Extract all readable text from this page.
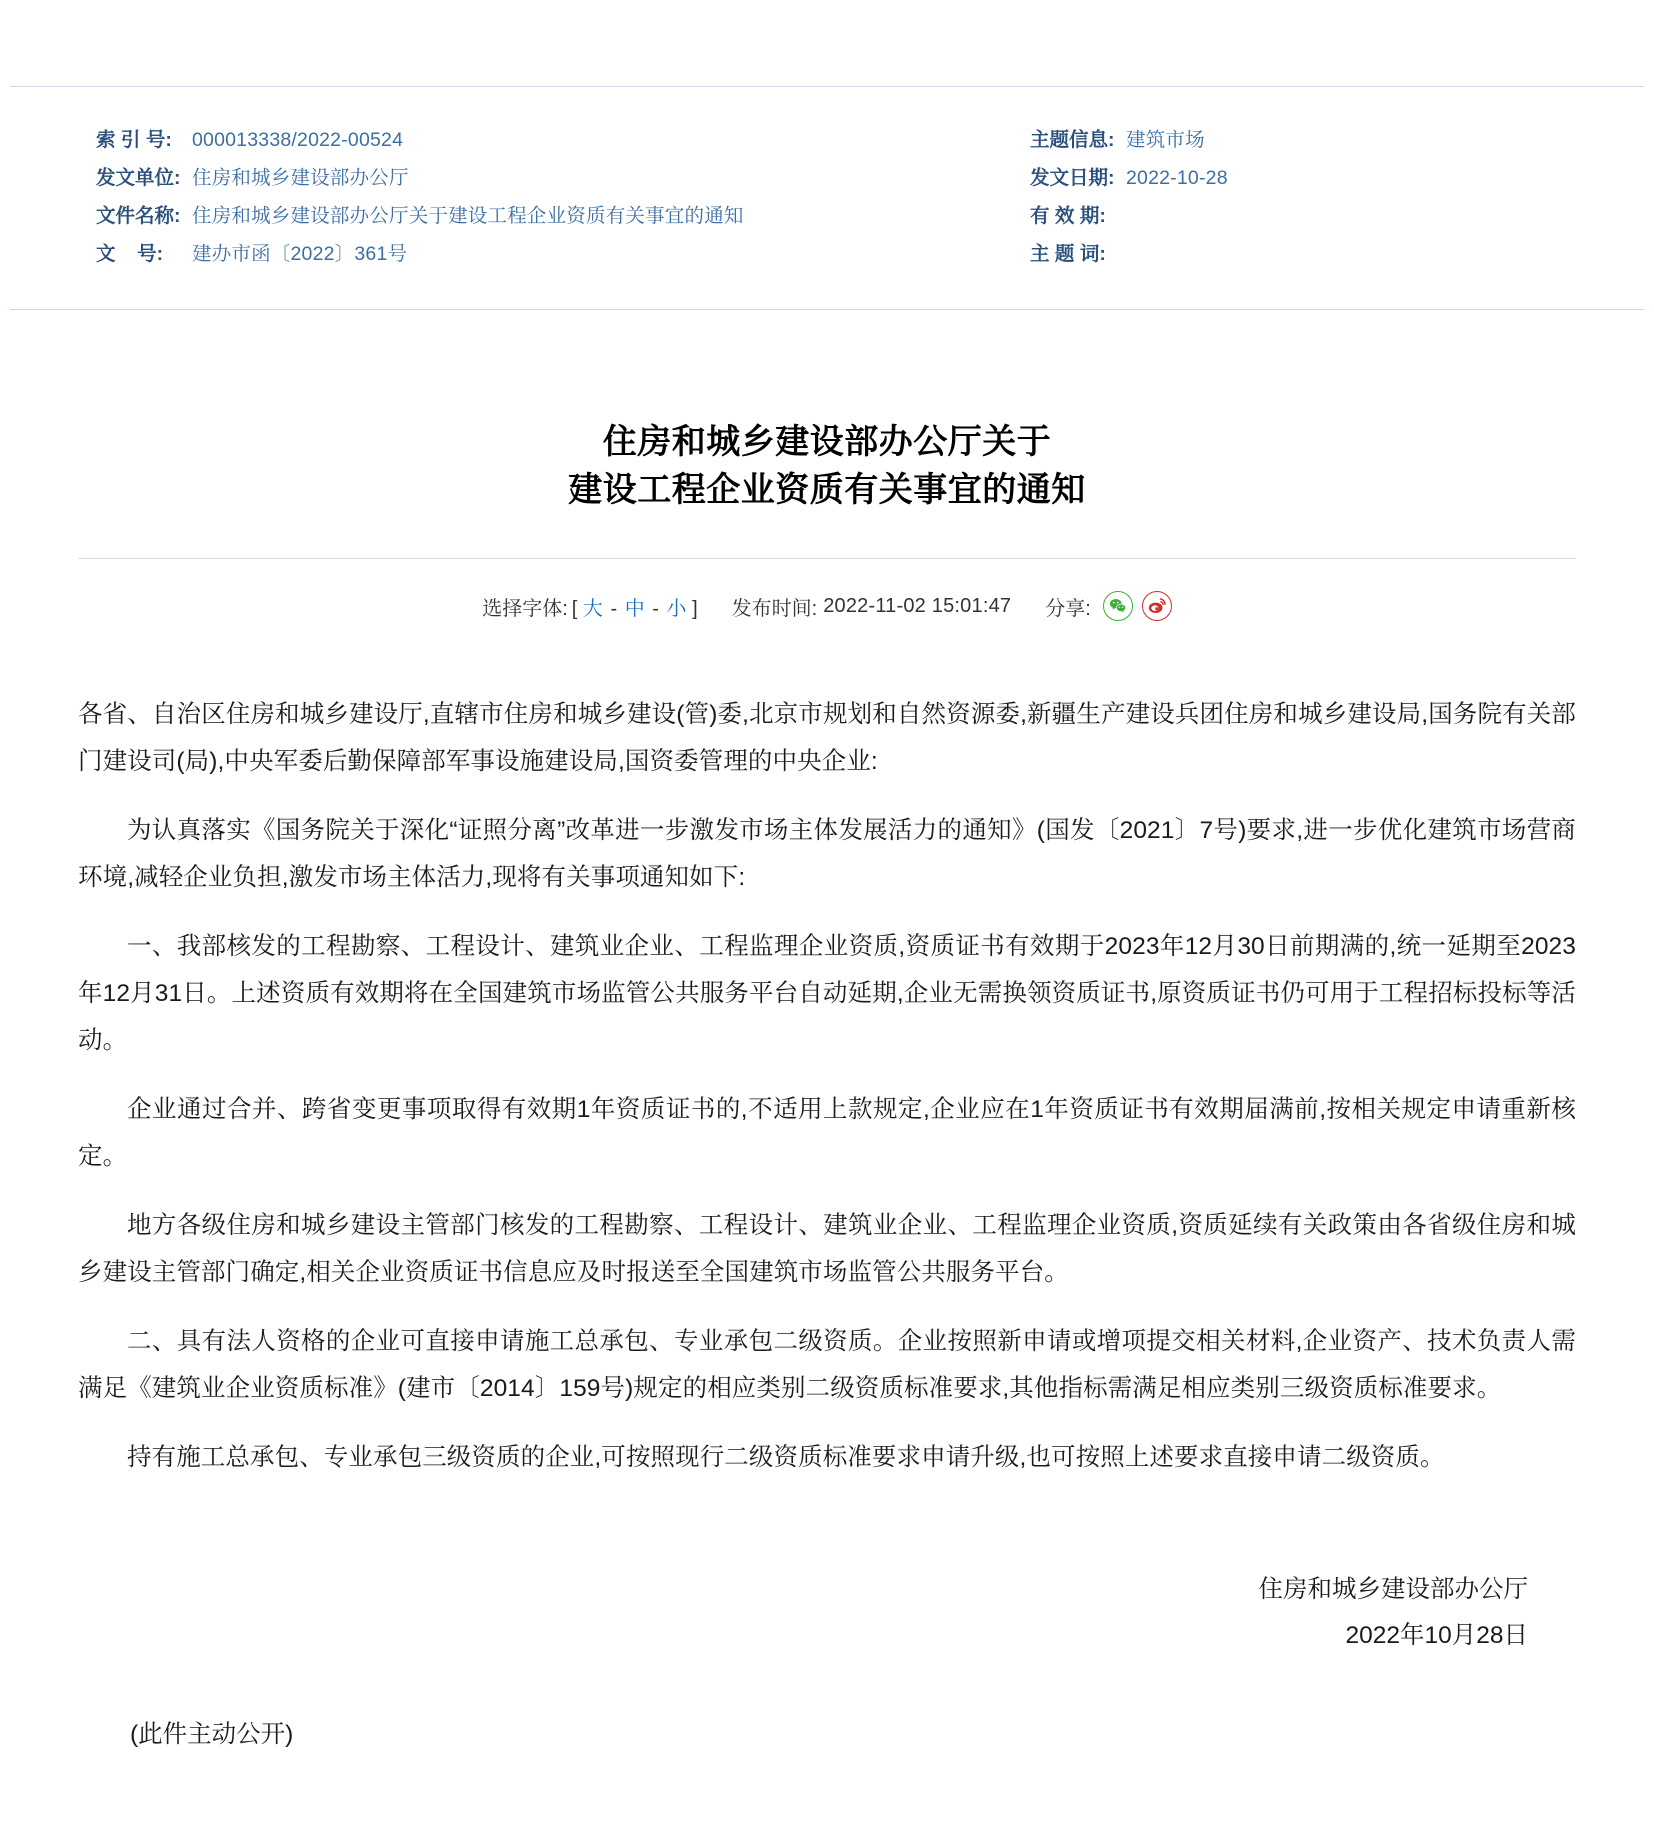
索 引 号:	000013338/2022-00524
发文单位: 住房和城乡建设部办公厅
文件名称: 住房和城乡建设部办公厅关于建设工程企业资质有关事宜的通知
文    号:	建办市函〔2022〕361号
主题信息: 建筑市场
发文日期: 2022-10-28
有 效 期:
主 题 词:
住房和城乡建设部办公厅关于
建设工程企业资质有关事宜的通知
选择字体: [ 大 - 中 - 小 ] 发布时间: 2022-11-02 15:01:47 分享:

各省、自治区住房和城乡建设厅,直辖市住房和城乡建设(管)委,北京市规划和自然资源委,新疆生产建设兵团住房和城乡建设局,国务院有关部门建设司(局),中央军委后勤保障部军事设施建设局,国资委管理的中央企业:

为认真落实《国务院关于深化“证照分离”改革进一步激发市场主体发展活力的通知》(国发〔2021〕7号)要求,进一步优化建筑市场营商环境,减轻企业负担,激发市场主体活力,现将有关事项通知如下:

一、我部核发的工程勘察、工程设计、建筑业企业、工程监理企业资质,资质证书有效期于2023年12月30日前期满的,统一延期至2023年12月31日。上述资质有效期将在全国建筑市场监管公共服务平台自动延期,企业无需换领资质证书,原资质证书仍可用于工程招标投标等活动。

企业通过合并、跨省变更事项取得有效期1年资质证书的,不适用上款规定,企业应在1年资质证书有效期届满前,按相关规定申请重新核定。

地方各级住房和城乡建设主管部门核发的工程勘察、工程设计、建筑业企业、工程监理企业资质,资质延续有关政策由各省级住房和城乡建设主管部门确定,相关企业资质证书信息应及时报送至全国建筑市场监管公共服务平台。

二、具有法人资格的企业可直接申请施工总承包、专业承包二级资质。企业按照新申请或增项提交相关材料,企业资产、技术负责人需满足《建筑业企业资质标准》(建市〔2014〕159号)规定的相应类别二级资质标准要求,其他指标需满足相应类别三级资质标准要求。

持有施工总承包、专业承包三级资质的企业,可按照现行二级资质标准要求申请升级,也可按照上述要求直接申请二级资质。

住房和城乡建设部办公厅
2022年10月28日
(此件主动公开)
